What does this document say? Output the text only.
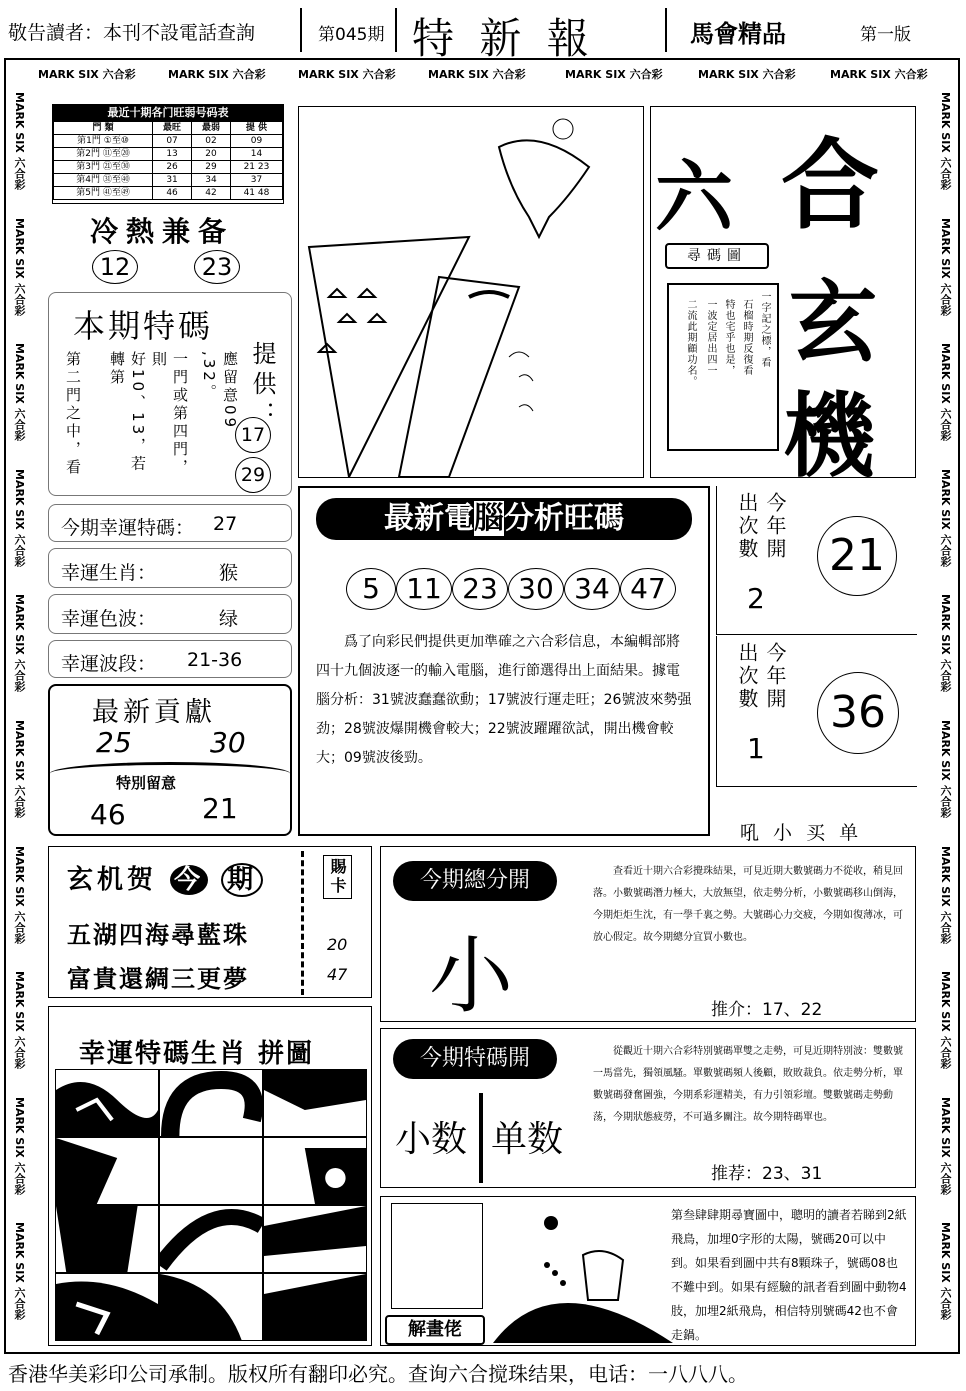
敬告讀者：本刊不設電話查詢	第045期 特 新 報	馬會精品	第一版
MARK SIX 六合彩	MARK SIX 六合彩	MARK SIX 六合彩	MARK SIX 六合彩	MARK SIX 六合彩	MARK SIX 六合彩	MARK SIX 六合彩
MARK SIX 六合彩
MARK SIX 六合彩
MARK SIX 六合彩
MARK SIX 六合彩
MARK SIX 六合彩
MARK SIX 六合彩
MARK SIX 六合彩
MARK SIX 六合彩
MARK SIX 六合彩
MARK SIX 六合彩
MARK SIX 六合彩
MARK SIX 六合彩
MARK SIX 六合彩
MARK SIX 六合彩
MARK SIX 六合彩
MARK SIX 六合彩
MARK SIX 六合彩
MARK SIX 六合彩
MARK SIX 六合彩
MARK SIX 六合彩
最近十期各门旺弱号码表
門 類	最旺	最弱	提 供
第1門 ①至⑩	07	02	09
第2門 ⑪至⑳	13	20	14
第3門 ㉑至㉚	26	29	21 23
第4門 ㉛至㊵	31	34	37
第5門 ㊶至㊾	46	42	41 48
冷熱兼备
12	23
本期特碼
應留意09 ,32。
一門或第四門，則
好10、13，若轉第
第二門之中，看	提供：
17
29
今期幸運特碼： 27
幸運生肖：	猴
幸運色波：	绿
幸運波段： 21-36
最新貢獻
25	30
特別留意
46	21
玄机贺 今 期
五湖四海尋藍珠
富貴還綢三更夢
賜卡
20
47
幸運特碼生肖 拼圖
六 合
玄
機
尋碼圖
一字記之標，看
石榴時期反復看
特也宅乎也是，
一波定居出四一
二流此期顧功名。
最新電腦分析旺碼
5 11 23 30 34 47
爲了向彩民們提供更加準確之六合彩信息，本編輯部將四十九個波逐一的輸入電腦，進行節選得出上面結果。據電腦分析：31號波蠢蠢欲動；17號波行運走旺；26號波來勢强劲；28號波爆開機會較大；22號波躍躍欲試，開出機會較大；09號波後勁。
今年開
出次數
2
21
今年開
出次數
1
36
吼 小 买 单
今期總分開
小
查看近十期六合彩攪珠結果，可見近期大數號碼力不從收，稍見回落。小數號碼潛力極大，大放無望，依走勢分析，小數號碼移山倒海，今期炬炬生沈，有一學千裏之勢。大號碼心力交疲，今期如復薄冰，可放心假定。故今期總分宜買小數也。
推介：17、22
今期特碼開
小数 单数
從觀近十期六合彩特別號碼單雙之走勢，可見近期特別波：雙數號一馬當先，獨領風騷。單數號碼頻人後顧，敗敗裁負。依走勢分析，單數號碼發奮圖強，今期系彩運精美，有力引領彩壇。雙數號碼走勢動荡，今期狀態疲勞，不可過多關注。故今期特碼單也。
推荐：23、31
解畫佬
第叁肆肆期尋寶圖中，聰明的讀者若睇到2紙飛鳥，加埋0字形的太陽，號碼20可以中到。如果看到圖中共有8顆珠子，號碼08也不難中到。如果有經驗的訊者看到圖中動物4肢，加埋2紙飛鳥，相信特別號碼42也不會走鍋。
香港华美彩印公司承制。版权所有翻印必究。查询六合搅珠结果，电话：一八八八。
